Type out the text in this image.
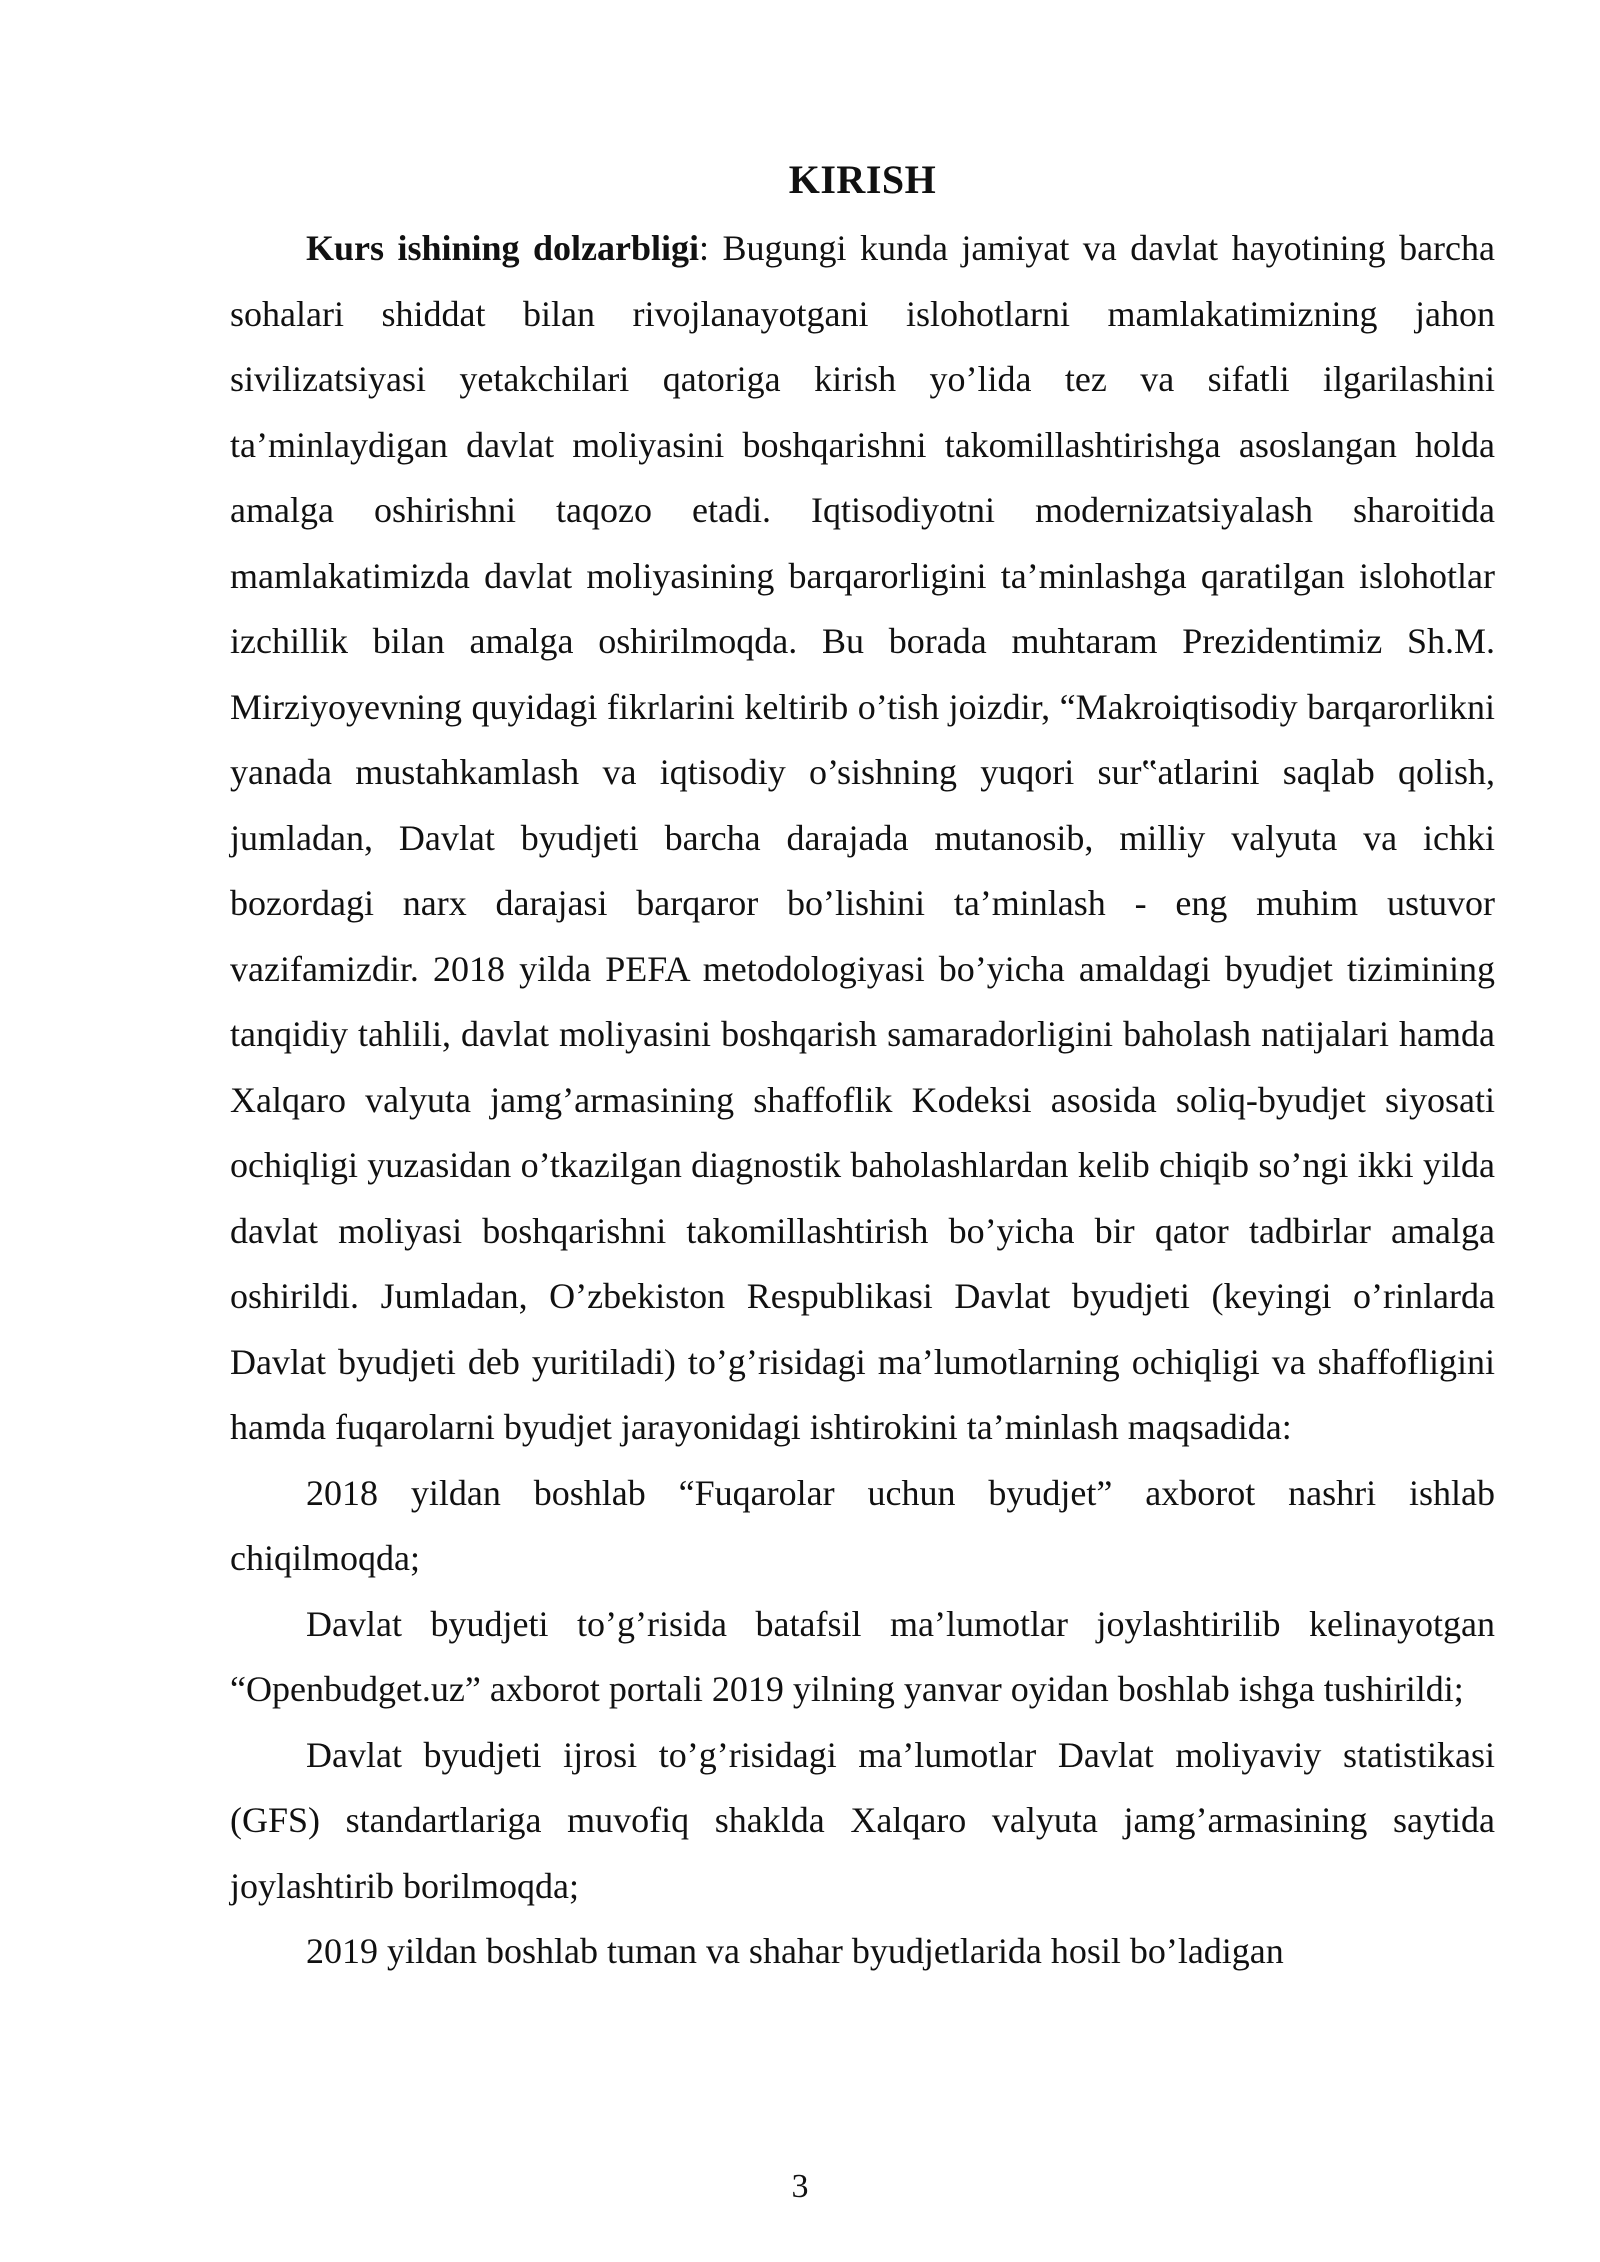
KIRISH

Kurs ishining dolzarbligi: Bugungi kunda jamiyat va davlat hayotining barcha sohalari shiddat bilan rivojlanayotgani islohotlarni mamlakatimizning jahon sivilizatsiyasi yetakchilari qatoriga kirish yo’lida tez va sifatli ilgarilashini ta’minlaydigan davlat moliyasini boshqarishni takomillashtirishga asoslangan holda amalga oshirishni taqozo etadi. Iqtisodiyotni modernizatsiyalash sharoitida mamlakatimizda davlat moliyasining barqarorligini ta’minlashga qaratilgan islohotlar izchillik bilan amalga oshirilmoqda. Bu borada muhtaram Prezidentimiz Sh.M. Mirziyoyevning quyidagi fikrlarini keltirib o’tish joizdir, “Makroiqtisodiy barqarorlikni yanada mustahkamlash va iqtisodiy o’sishning yuqori sur‟atlarini saqlab qolish, jumladan, Davlat byudjeti barcha darajada mutanosib, milliy valyuta va ichki bozordagi narx darajasi barqaror bo’lishini ta’minlash - eng muhim ustuvor vazifamizdir. 2018 yilda PEFA metodologiyasi bo’yicha amaldagi byudjet tizimining tanqidiy tahlili, davlat moliyasini boshqarish samaradorligini baholash natijalari hamda Xalqaro valyuta jamg’armasining shaffoflik Kodeksi asosida soliq-byudjet siyosati ochiqligi yuzasidan o’tkazilgan diagnostik baholashlardan kelib chiqib so’ngi ikki yilda davlat moliyasi boshqarishni takomillashtirish bo’yicha bir qator tadbirlar amalga oshirildi. Jumladan, O’zbekiston Respublikasi Davlat byudjeti (keyingi o’rinlarda Davlat byudjeti deb yuritiladi) to’g’risidagi ma’lumotlarning ochiqligi va shaffofligini hamda fuqarolarni byudjet jarayonidagi ishtirokini ta’minlash maqsadida:

2018 yildan boshlab “Fuqarolar uchun byudjet” axborot nashri ishlab chiqilmoqda;

Davlat byudjeti to’g’risida batafsil ma’lumotlar joylashtirilib kelinayotgan “Openbudget.uz” axborot portali 2019 yilning yanvar oyidan boshlab ishga tushirildi;

Davlat byudjeti ijrosi to’g’risidagi ma’lumotlar Davlat moliyaviy statistikasi (GFS) standartlariga muvofiq shaklda Xalqaro valyuta jamg’armasining saytida joylashtirib borilmoqda;

2019 yildan boshlab tuman va shahar byudjetlarida hosil bo’ladigan

3
